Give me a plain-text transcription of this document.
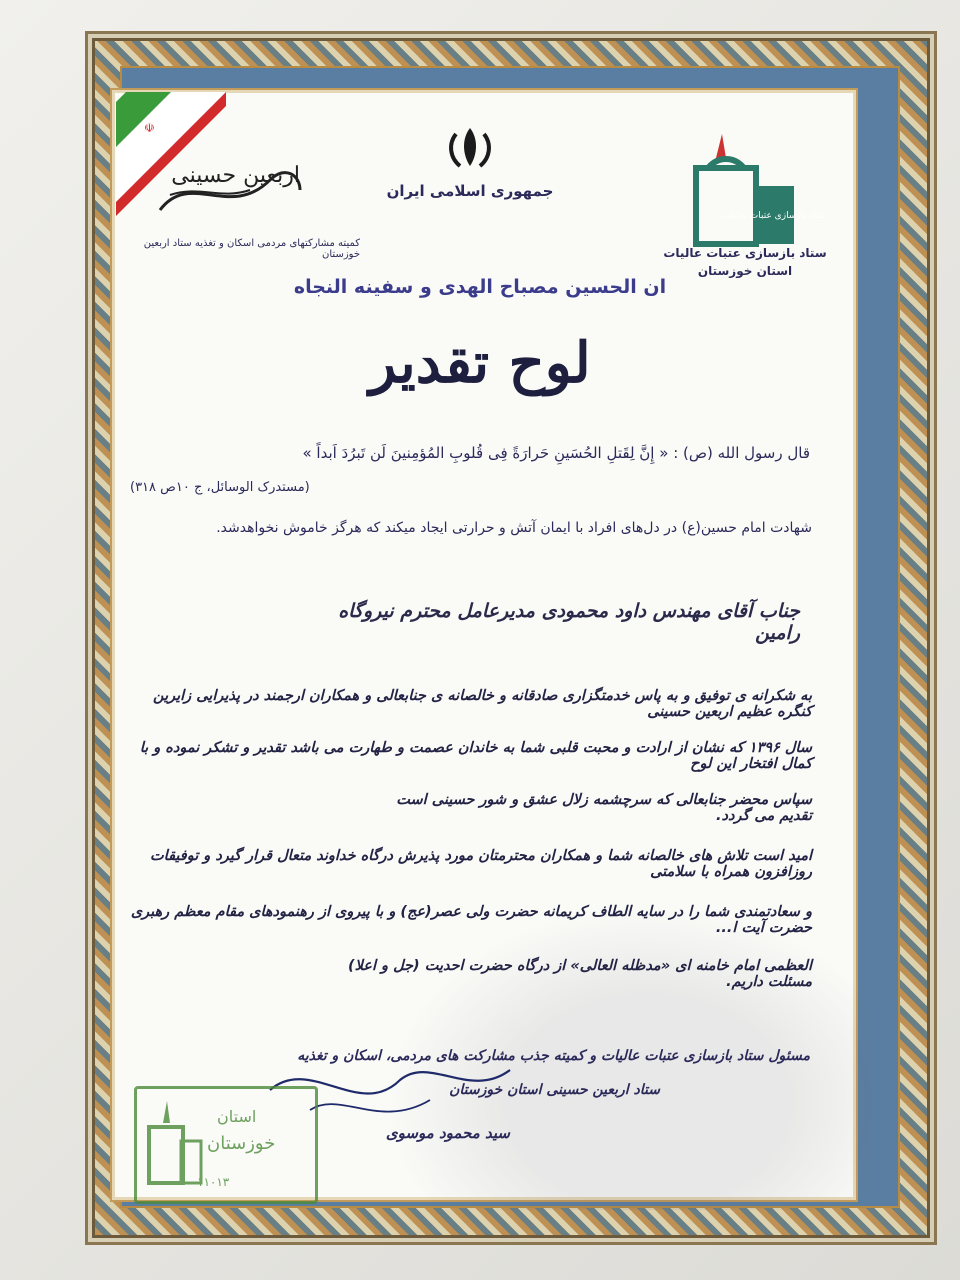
☫
جمهوری اسلامی ایران
اربعین حسینی
کمیته مشارکتهای مردمی اسکان و تغذیه ستاد اربعین خوزستان
ستاد بازسازی عتبات عالیات
ستاد بازسازی عتبات عالیات
استان خوزستان
ان الحسین مصباح الهدی و سفینه النجاه
لوح تقدیر
قال رسول الله (ص) : « إِنَّ لِقَتلِ الحُسَینِ حَرارَةً فِی قُلوبِ المُؤمِنینَ لَن تَبرُدَ اَبداً »
(مستدرک الوسائل، ج ۱۰ص ۳۱۸)
شهادت امام حسین(ع) در دل‌های افراد با ایمان آتش و حرارتی ایجاد میکند که هرگز خاموش نخواهدشد.
جناب آقای مهندس داود محمودی مدیرعامل محترم نیروگاه رامین
به شکرانه ی توفیق و به پاس خدمتگزاری صادقانه و خالصانه ی جنابعالی و همکاران ارجمند در پذیرایی زایرین کنگره عظیم اربعین حسینی
سال ۱۳۹۶ که نشان از ارادت و محبت قلبی شما به خاندان عصمت و طهارت می باشد تقدیر و تشکر نموده و با کمال افتخار این لوح
سپاس محضر جنابعالی که سرچشمه زلال عشق و شور حسینی است تقدیم می گردد.
امید است تلاش های خالصانه شما و همکاران محترمتان مورد پذیرش درگاه خداوند متعال قرار گیرد و توفیقات روزافزون همراه با سلامتی
و سعادتمندی شما را در سایه الطاف کریمانه حضرت ولی عصر(عج) و با پیروی از رهنمودهای مقام معظم رهبری حضرت آیت ا...
العظمی امام خامنه ای «مدظله العالی» از درگاه حضرت احدیت (جل و اعلا) مسئلت داریم.
مسئول ستاد بازسازی عتبات عالیات و کمیته جذب مشارکت های مردمی، اسکان و تغذیه
ستاد اربعین حسینی استان خوزستان
سید محمود موسوی
استان
خوزستان
۱۱۰۱۳
